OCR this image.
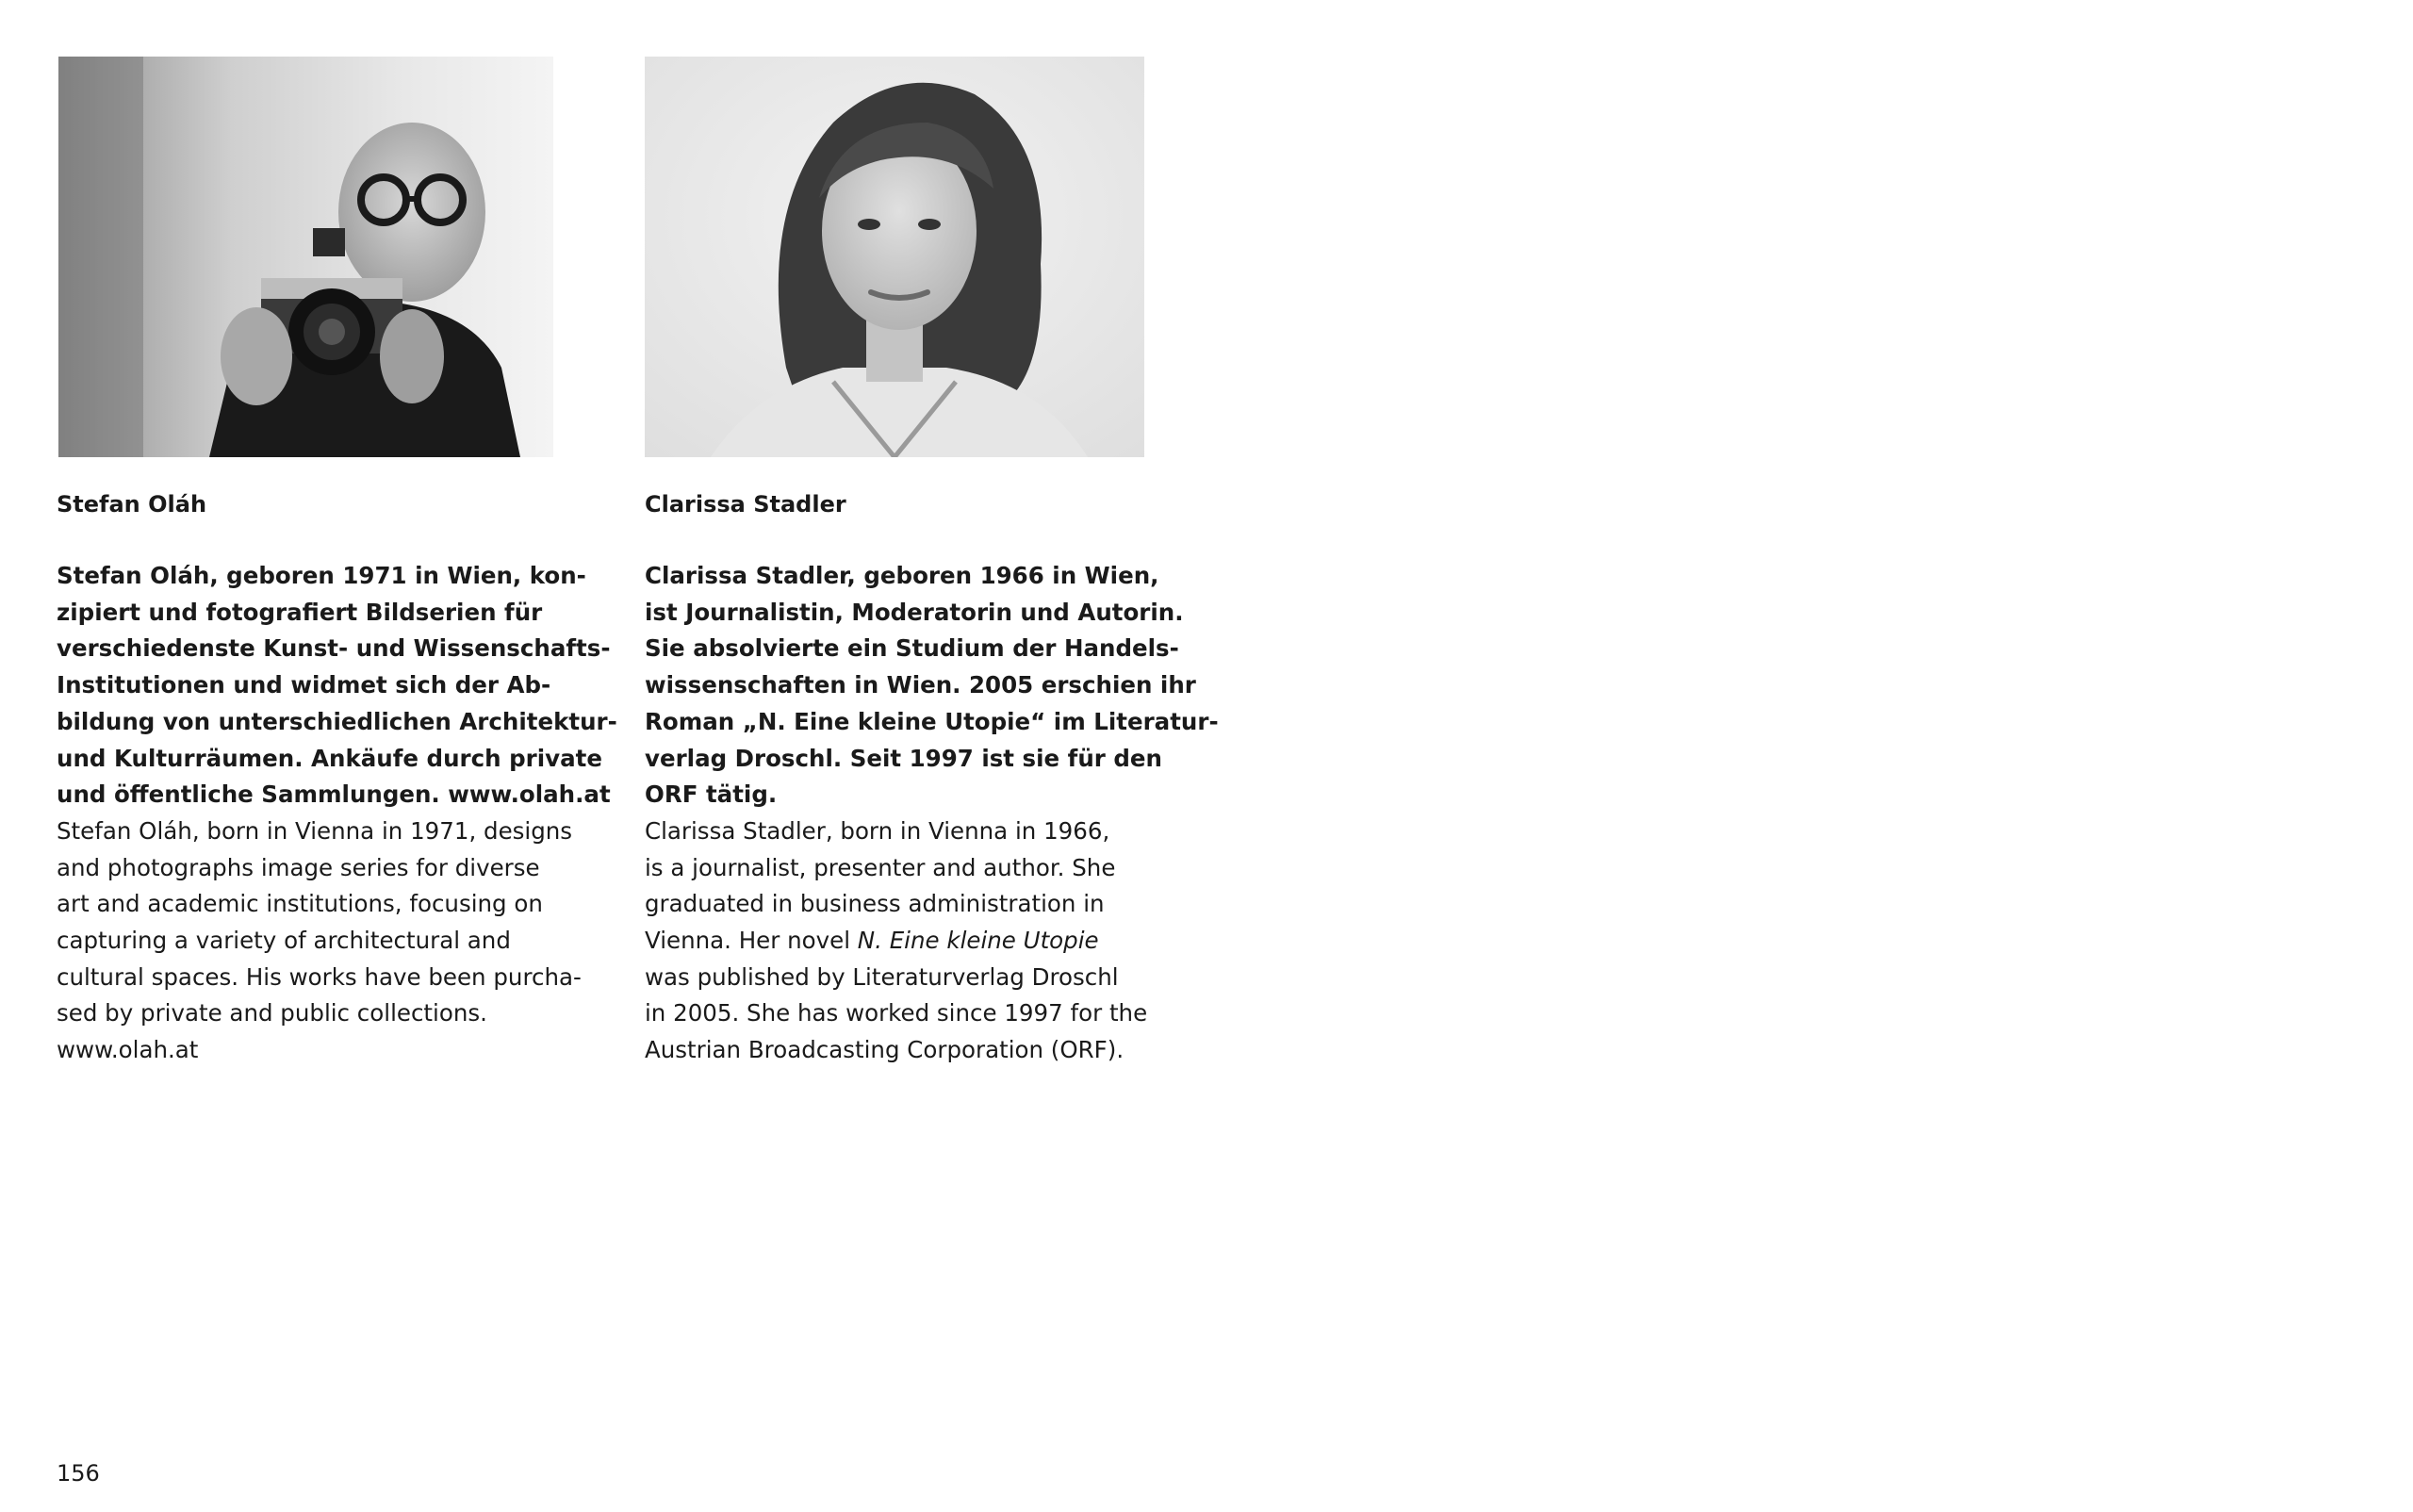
Stefan Oláh
Stefan Oláh, geboren 1971 in Wien, kon-
zipiert und fotografiert Bildserien für
verschiedenste Kunst- und Wissenschafts-
Institutionen und widmet sich der Ab-
bildung von unterschiedlichen Architektur-
und Kulturräumen. Ankäufe durch private
und öffentliche Sammlungen. www.olah.at
Stefan Oláh, born in Vienna in 1971, designs
and photographs image series for diverse
art and academic institutions, focusing on
capturing a variety of architectural and
cultural spaces. His works have been purcha-
sed by private and public collections.
www.olah.at
Clarissa Stadler
Clarissa Stadler, geboren 1966 in Wien,
ist Journalistin, Moderatorin und Autorin.
Sie absolvierte ein Studium der Handels-
wissenschaften in Wien. 2005 erschien ihr
Roman „N. Eine kleine Utopie“ im Literatur-
verlag Droschl. Seit 1997 ist sie für den
ORF tätig.
Clarissa Stadler, born in Vienna in 1966,
is a journalist, presenter and author. She
graduated in business administration in
Vienna. Her novel N. Eine kleine Utopie
was published by Literaturverlag Droschl
in 2005. She has worked since 1997 for the
Austrian Broadcasting Corporation (ORF).
156
